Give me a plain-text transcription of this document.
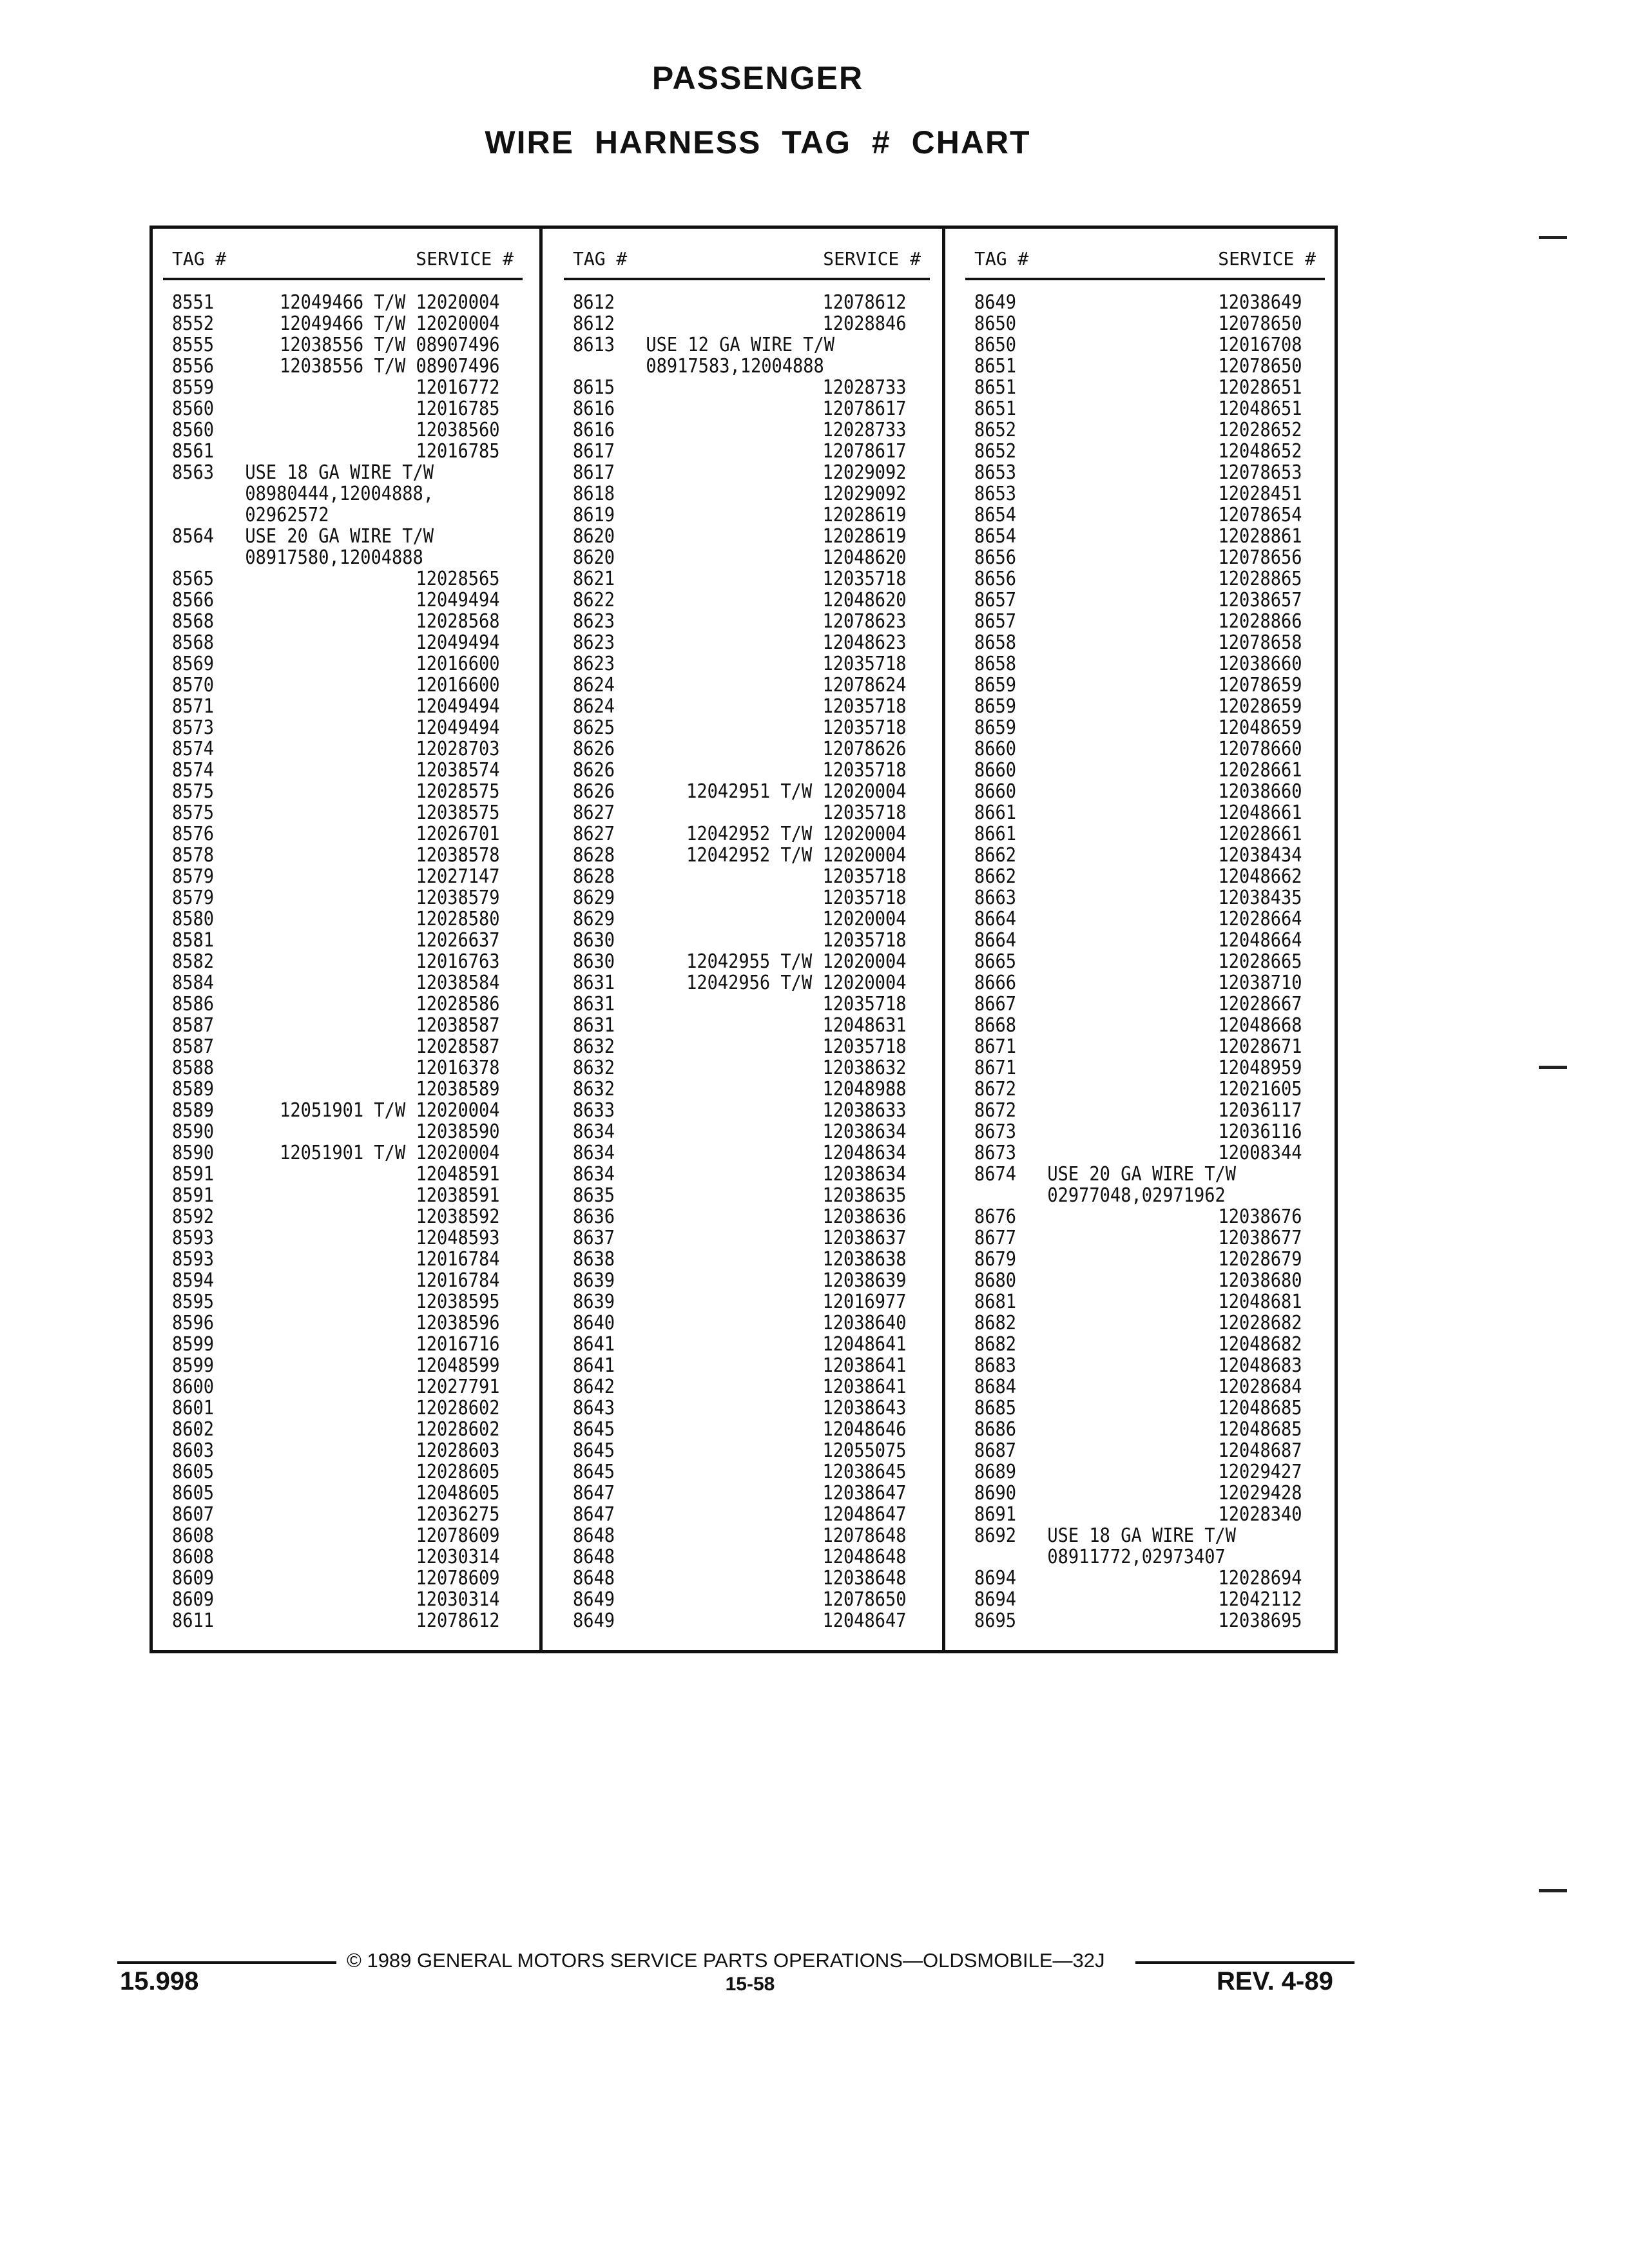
PASSENGER
WIRE HARNESS TAG # CHART
TAG #	SERVICE #
8551	12049466 T/W 12020004
8552	12049466 T/W 12020004
8555	12038556 T/W 08907496
8556	12038556 T/W 08907496
8559	12016772
8560	12016785
8560	12038560
8561	12016785
8563 USE 18 GA WIRE T/W
08980444,12004888,
02962572
8564 USE 20 GA WIRE T/W
08917580,12004888
8565	12028565
8566	12049494
8568	12028568
8568	12049494
8569	12016600
8570	12016600
8571	12049494
8573	12049494
8574	12028703
8574	12038574
8575	12028575
8575	12038575
8576	12026701
8578	12038578
8579	12027147
8579	12038579
8580	12028580
8581	12026637
8582	12016763
8584	12038584
8586	12028586
8587	12038587
8587	12028587
8588	12016378
8589	12038589
8589	12051901 T/W 12020004
8590	12038590
8590	12051901 T/W 12020004
8591	12048591
8591	12038591
8592	12038592
8593	12048593
8593	12016784
8594	12016784
8595	12038595
8596	12038596
8599	12016716
8599	12048599
8600	12027791
8601	12028602
8602	12028602
8603	12028603
8605	12028605
8605	12048605
8607	12036275
8608	12078609
8608	12030314
8609	12078609
8609	12030314
8611	12078612
TAG #	SERVICE #
8612	12078612
8612	12028846
8613 USE 12 GA WIRE T/W
08917583,12004888
8615	12028733
8616	12078617
8616	12028733
8617	12078617
8617	12029092
8618	12029092
8619	12028619
8620	12028619
8620	12048620
8621	12035718
8622	12048620
8623	12078623
8623	12048623
8623	12035718
8624	12078624
8624	12035718
8625	12035718
8626	12078626
8626	12035718
8626	12042951 T/W 12020004
8627	12035718
8627	12042952 T/W 12020004
8628	12042952 T/W 12020004
8628	12035718
8629	12035718
8629	12020004
8630	12035718
8630	12042955 T/W 12020004
8631	12042956 T/W 12020004
8631	12035718
8631	12048631
8632	12035718
8632	12038632
8632	12048988
8633	12038633
8634	12038634
8634	12048634
8634	12038634
8635	12038635
8636	12038636
8637	12038637
8638	12038638
8639	12038639
8639	12016977
8640	12038640
8641	12048641
8641	12038641
8642	12038641
8643	12038643
8645	12048646
8645	12055075
8645	12038645
8647	12038647
8647	12048647
8648	12078648
8648	12048648
8648	12038648
8649	12078650
8649	12048647
TAG #	SERVICE #
8649	12038649
8650	12078650
8650	12016708
8651	12078650
8651	12028651
8651	12048651
8652	12028652
8652	12048652
8653	12078653
8653	12028451
8654	12078654
8654	12028861
8656	12078656
8656	12028865
8657	12038657
8657	12028866
8658	12078658
8658	12038660
8659	12078659
8659	12028659
8659	12048659
8660	12078660
8660	12028661
8660	12038660
8661	12048661
8661	12028661
8662	12038434
8662	12048662
8663	12038435
8664	12028664
8664	12048664
8665	12028665
8666	12038710
8667	12028667
8668	12048668
8671	12028671
8671	12048959
8672	12021605
8672	12036117
8673	12036116
8673	12008344
8674 USE 20 GA WIRE T/W
02977048,02971962
8676	12038676
8677	12038677
8679	12028679
8680	12038680
8681	12048681
8682	12028682
8682	12048682
8683	12048683
8684	12028684
8685	12048685
8686	12048685
8687	12048687
8689	12029427
8690	12029428
8691	12028340
8692 USE 18 GA WIRE T/W
08911772,02973407
8694	12028694
8694	12042112
8695	12038695
© 1989 GENERAL MOTORS SERVICE PARTS OPERATIONS—OLDSMOBILE—32J
15.998	15-58	REV. 4-89
